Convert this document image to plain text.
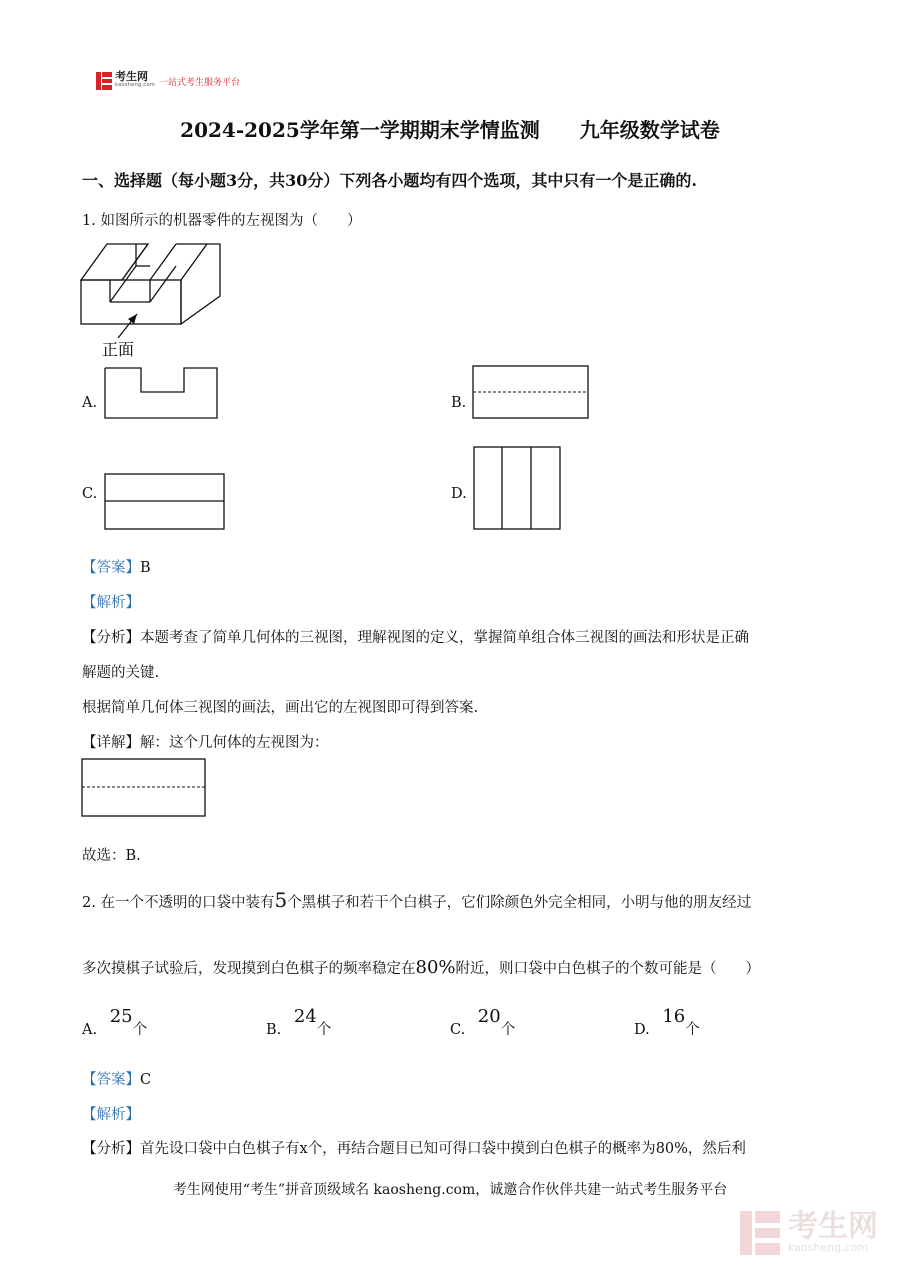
考生网
kaosheng.com 一站式考生服务平台
2024-2025学年第一学期期末学情监测　　九年级数学试卷
一、选择题（每小题3分，共30分）下列各小题均有四个选项，其中只有一个是正确的.
1. 如图所示的机器零件的左视图为（　　）
正面
A.	B.
C.	D.
【答案】B
【解析】
【分析】本题考查了简单几何体的三视图，理解视图的定义，掌握简单组合体三视图的画法和形状是正确
解题的关键.
根据简单几何体三视图的画法，画出它的左视图即可得到答案.
【详解】解：这个几何体的左视图为：
故选：B.
2. 在一个不透明的口袋中装有5个黑棋子和若干个白棋子，它们除颜色外完全相同，小明与他的朋友经过
多次摸棋子试验后，发现摸到白色棋子的频率稳定在80%附近，则口袋中白色棋子的个数可能是（　　）
A. 25个	B. 24个	C. 20个	D. 16个
【答案】C
【解析】
【分析】首先设口袋中白色棋子有x个，再结合题目已知可得口袋中摸到白色棋子的概率为80%，然后利
考生网使用“考生”拼音顶级域名 kaosheng.com，诚邀合作伙伴共建一站式考生服务平台
考生网
kaosheng.com
